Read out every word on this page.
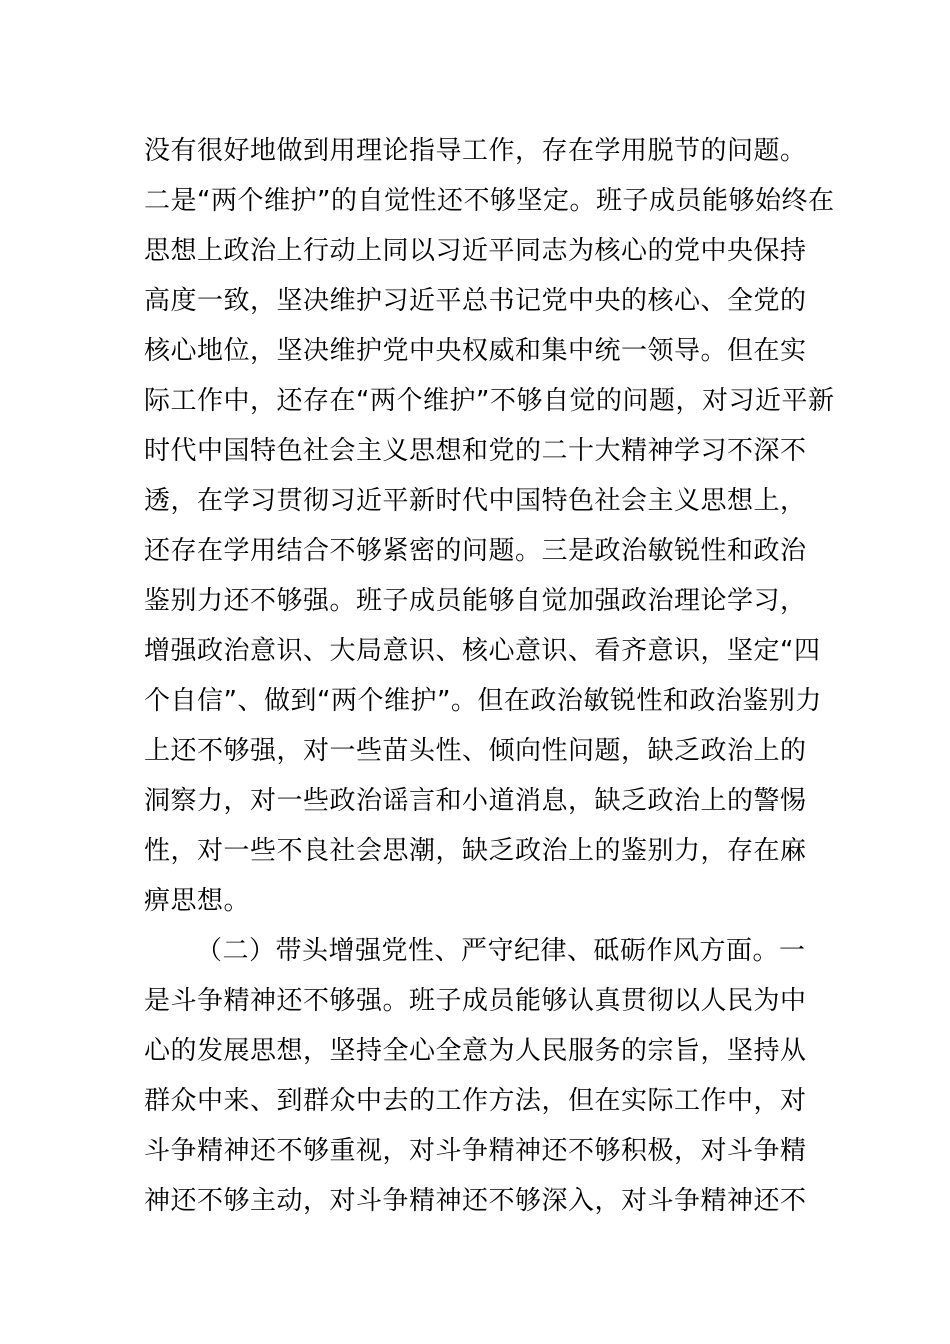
没有很好地做到用理论指导工作，存在学用脱节的问题。
二是“两个维护”的自觉性还不够坚定。班子成员能够始终在
思想上政治上行动上同以习近平同志为核心的党中央保持
高度一致，坚决维护习近平总书记党中央的核心、全党的
核心地位，坚决维护党中央权威和集中统一领导。但在实
际工作中，还存在“两个维护”不够自觉的问题，对习近平新
时代中国特色社会主义思想和党的二十大精神学习不深不
透，在学习贯彻习近平新时代中国特色社会主义思想上，
还存在学用结合不够紧密的问题。三是政治敏锐性和政治
鉴别力还不够强。班子成员能够自觉加强政治理论学习，
增强政治意识、大局意识、核心意识、看齐意识，坚定“四
个自信”、做到“两个维护”。但在政治敏锐性和政治鉴别力
上还不够强，对一些苗头性、倾向性问题，缺乏政治上的
洞察力，对一些政治谣言和小道消息，缺乏政治上的警惕
性，对一些不良社会思潮，缺乏政治上的鉴别力，存在麻
痹思想。
（二）带头增强党性、严守纪律、砥砺作风方面。一
是斗争精神还不够强。班子成员能够认真贯彻以人民为中
心的发展思想，坚持全心全意为人民服务的宗旨，坚持从
群众中来、到群众中去的工作方法，但在实际工作中，对
斗争精神还不够重视，对斗争精神还不够积极，对斗争精
神还不够主动，对斗争精神还不够深入，对斗争精神还不
